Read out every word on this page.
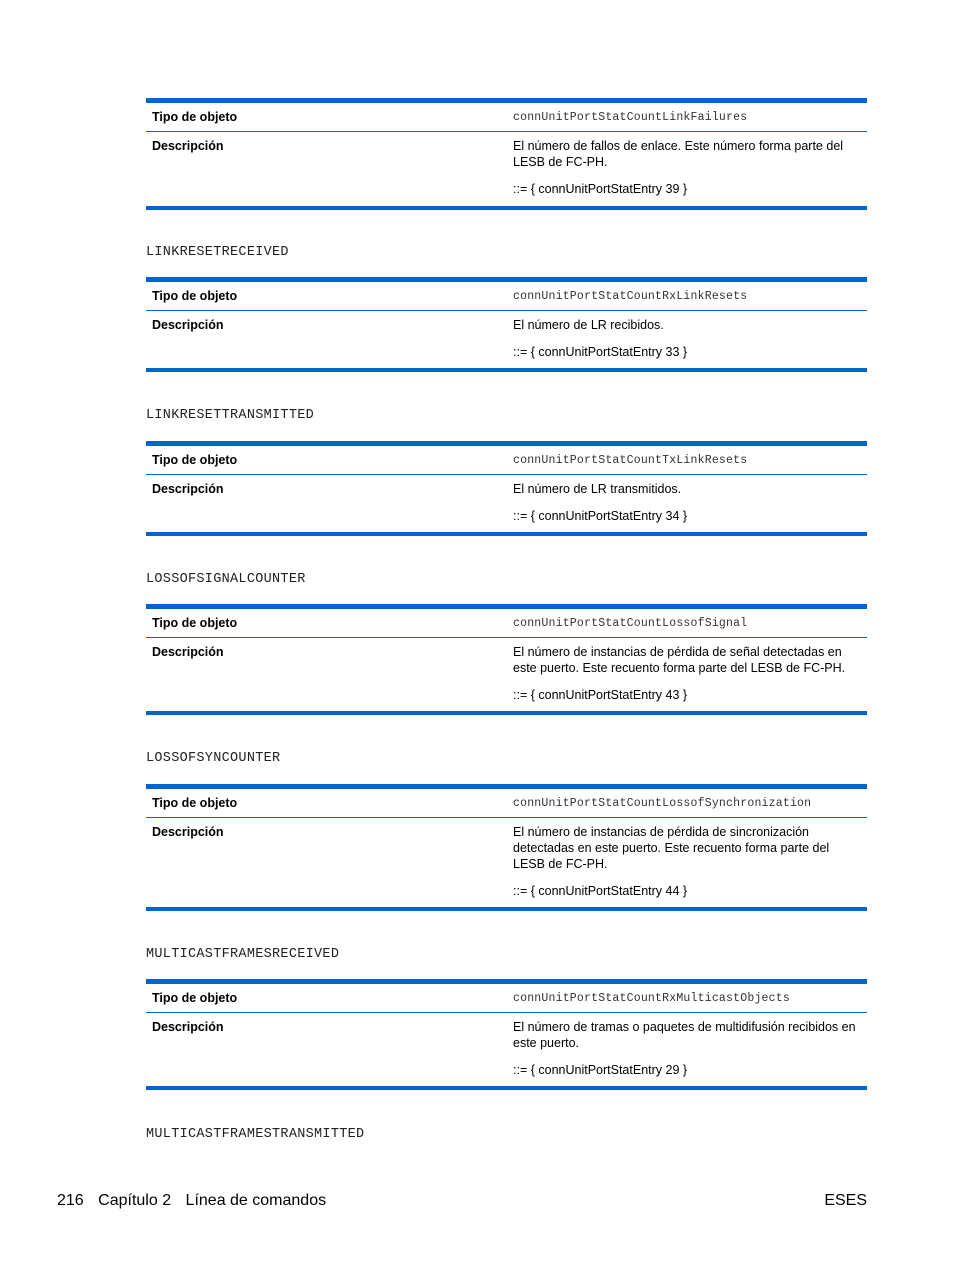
Tipo de objeto	connUnitPortStatCountLinkFailures
Descripción	El número de fallos de enlace. Este número forma parte del LESB de FC-PH.
::= { connUnitPortStatEntry 39 }
LINKRESETRECEIVED
Tipo de objeto	connUnitPortStatCountRxLinkResets
Descripción	El número de LR recibidos.
::= { connUnitPortStatEntry 33 }
LINKRESETTRANSMITTED
Tipo de objeto	connUnitPortStatCountTxLinkResets
Descripción	El número de LR transmitidos.
::= { connUnitPortStatEntry 34 }
LOSSOFSIGNALCOUNTER
Tipo de objeto	connUnitPortStatCountLossofSignal
Descripción	El número de instancias de pérdida de señal detectadas en este puerto. Este recuento forma parte del LESB de FC-PH.
::= { connUnitPortStatEntry 43 }
LOSSOFSYNCOUNTER
Tipo de objeto	connUnitPortStatCountLossofSynchronization
Descripción	El número de instancias de pérdida de sincronización detectadas en este puerto. Este recuento forma parte del LESB de FC-PH.
::= { connUnitPortStatEntry 44 }
MULTICASTFRAMESRECEIVED
Tipo de objeto	connUnitPortStatCountRxMulticastObjects
Descripción	El número de tramas o paquetes de multidifusión recibidos en este puerto.
::= { connUnitPortStatEntry 29 }
MULTICASTFRAMESTRANSMITTED
216 Capítulo 2 Línea de comandos	ESES
